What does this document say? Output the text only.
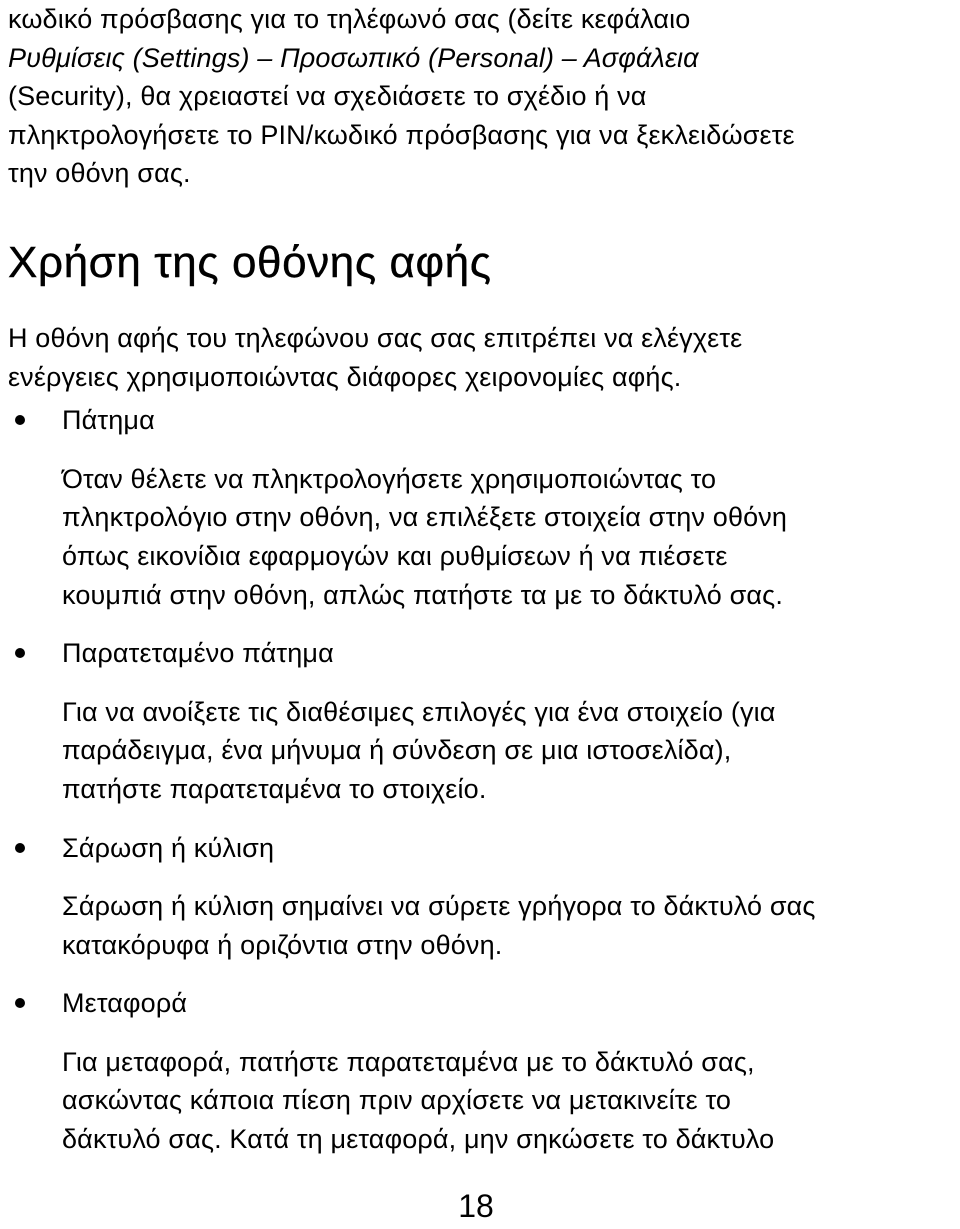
κωδικό πρόσβασης για το τηλέφωνό σας (δείτε κεφάλαιο
Ρυθμίσεις (Settings) – Προσωπικό (Personal) – Ασφάλεια
(Security), θα χρειαστεί να σχεδιάσετε το σχέδιο ή να
πληκτρολογήσετε το PIN/κωδικό πρόσβασης για να ξεκλειδώσετε
την οθόνη σας.
Χρήση της οθόνης αφής
Η οθόνη αφής του τηλεφώνου σας σας επιτρέπει να ελέγχετε
ενέργειες χρησιμοποιώντας διάφορες χειρονομίες αφής.
Πάτημα
Όταν θέλετε να πληκτρολογήσετε χρησιμοποιώντας το
πληκτρολόγιο στην οθόνη, να επιλέξετε στοιχεία στην οθόνη
όπως εικονίδια εφαρμογών και ρυθμίσεων ή να πιέσετε
κουμπιά στην οθόνη, απλώς πατήστε τα με το δάκτυλό σας.
Παρατεταμένο πάτημα
Για να ανοίξετε τις διαθέσιμες επιλογές για ένα στοιχείο (για
παράδειγμα, ένα μήνυμα ή σύνδεση σε μια ιστοσελίδα),
πατήστε παρατεταμένα το στοιχείο.
Σάρωση ή κύλιση
Σάρωση ή κύλιση σημαίνει να σύρετε γρήγορα το δάκτυλό σας
κατακόρυφα ή οριζόντια στην οθόνη.
Μεταφορά
Για μεταφορά, πατήστε παρατεταμένα με το δάκτυλό σας,
ασκώντας κάποια πίεση πριν αρχίσετε να μετακινείτε το
δάκτυλό σας. Κατά τη μεταφορά, μην σηκώσετε το δάκτυλο
18
